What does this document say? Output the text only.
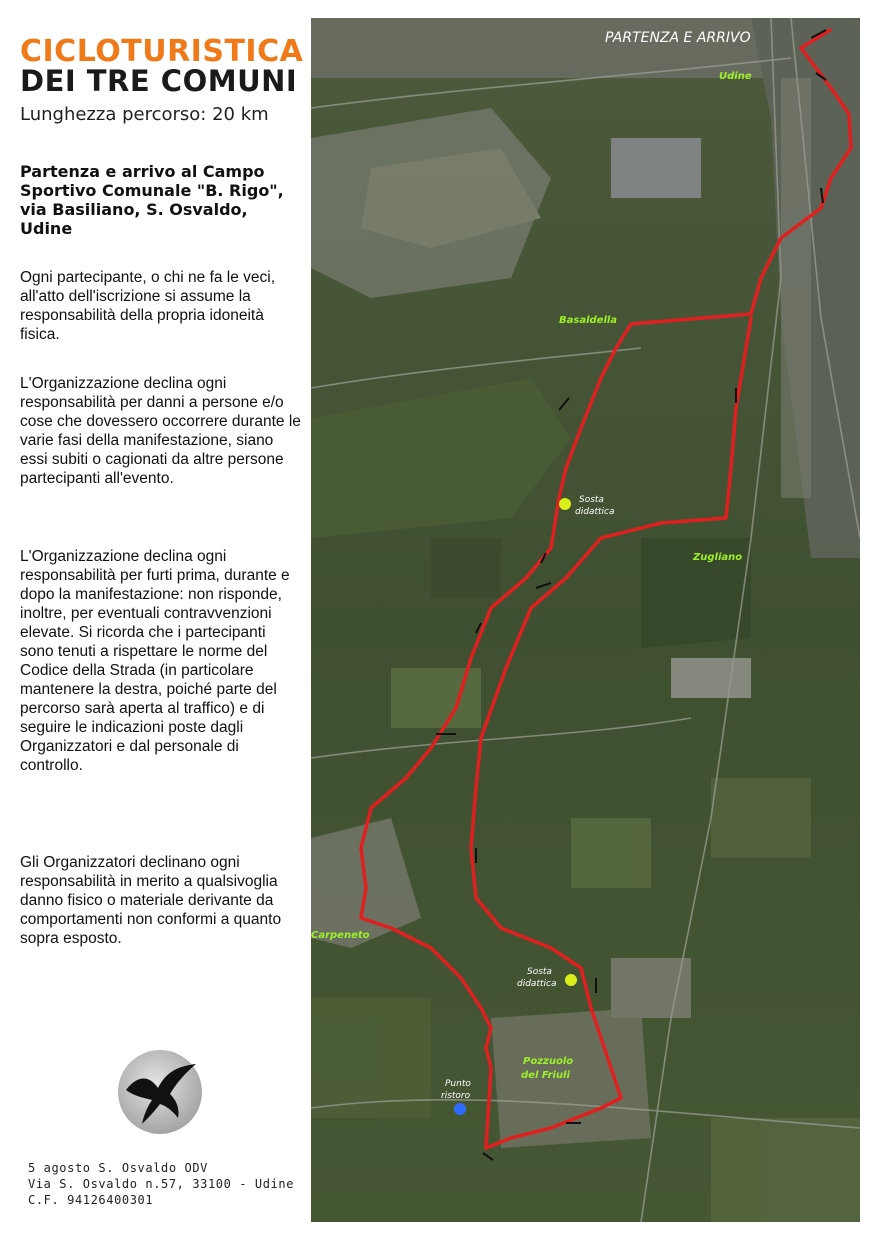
CICLOTURISTICA
DEI TRE COMUNI
Lunghezza percorso: 20 km
Partenza e arrivo al Campo Sportivo Comunale "B. Rigo", via Basiliano, S. Osvaldo, Udine
Ogni partecipante, o chi ne fa le veci, all'atto dell'iscrizione si assume la responsabilità della propria idoneità fisica.
L'Organizzazione declina ogni responsabilità per danni a persone e/o cose che dovessero occorrere durante le varie fasi della manifestazione, siano essi subiti o cagionati da altre persone partecipanti all'evento.
L'Organizzazione declina ogni responsabilità per furti prima, durante e dopo la manifestazione: non risponde, inoltre, per eventuali contravvenzioni elevate. Si ricorda che i partecipanti sono tenuti a rispettare le norme del Codice della Strada (in particolare mantenere la destra, poiché parte del percorso sarà aperta al traffico) e di seguire le indicazioni poste dagli Organizzatori e dal personale di controllo.
Gli Organizzatori declinano ogni responsabilità in merito a qualsivoglia danno fisico o materiale derivante da comportamenti non conformi a quanto sopra esposto.
5 agosto S. Osvaldo ODV
Via S. Osvaldo n.57, 33100 - Udine
C.F. 94126400301
PARTENZA E ARRIVO
Udine
Basaldella
Zugliano
Carpeneto
Pozzuolo
del Friuli
Sosta
didattica
Sosta
didattica
Punto
ristoro
